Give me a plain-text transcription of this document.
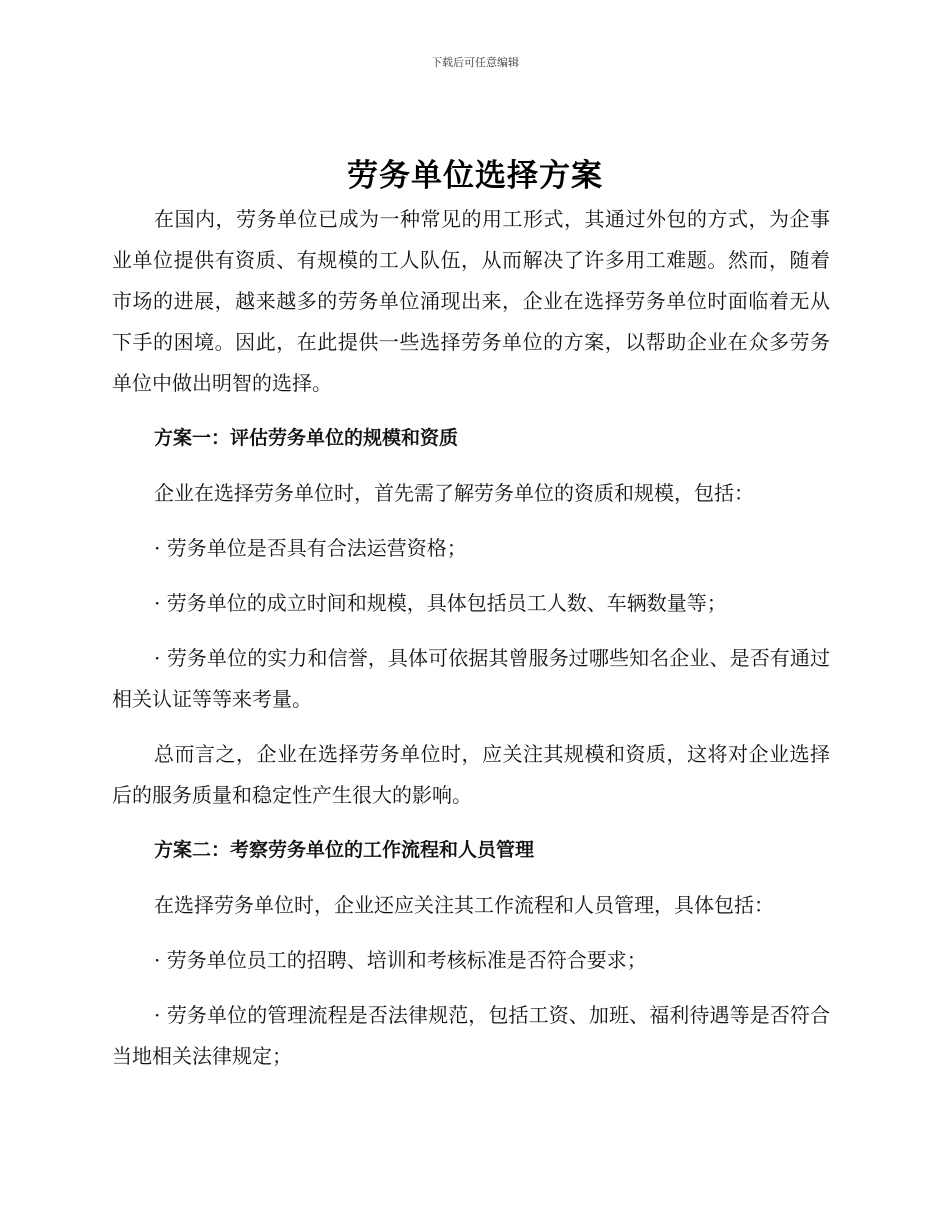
下载后可任意编辑
劳务单位选择方案

在国内，劳务单位已成为一种常见的用工形式，其通过外包的方式，为企事业单位提供有资质、有规模的工人队伍，从而解决了许多用工难题。然而，随着市场的进展，越来越多的劳务单位涌现出来，企业在选择劳务单位时面临着无从下手的困境。因此，在此提供一些选择劳务单位的方案，以帮助企业在众多劳务单位中做出明智的选择。

方案一：评估劳务单位的规模和资质

企业在选择劳务单位时，首先需了解劳务单位的资质和规模，包括：

· 劳务单位是否具有合法运营资格；

· 劳务单位的成立时间和规模，具体包括员工人数、车辆数量等；

· 劳务单位的实力和信誉，具体可依据其曾服务过哪些知名企业、是否有通过相关认证等等来考量。

总而言之，企业在选择劳务单位时，应关注其规模和资质，这将对企业选择后的服务质量和稳定性产生很大的影响。

方案二：考察劳务单位的工作流程和人员管理

在选择劳务单位时，企业还应关注其工作流程和人员管理，具体包括：

· 劳务单位员工的招聘、培训和考核标准是否符合要求；

· 劳务单位的管理流程是否法律规范，包括工资、加班、福利待遇等是否符合当地相关法律规定；
